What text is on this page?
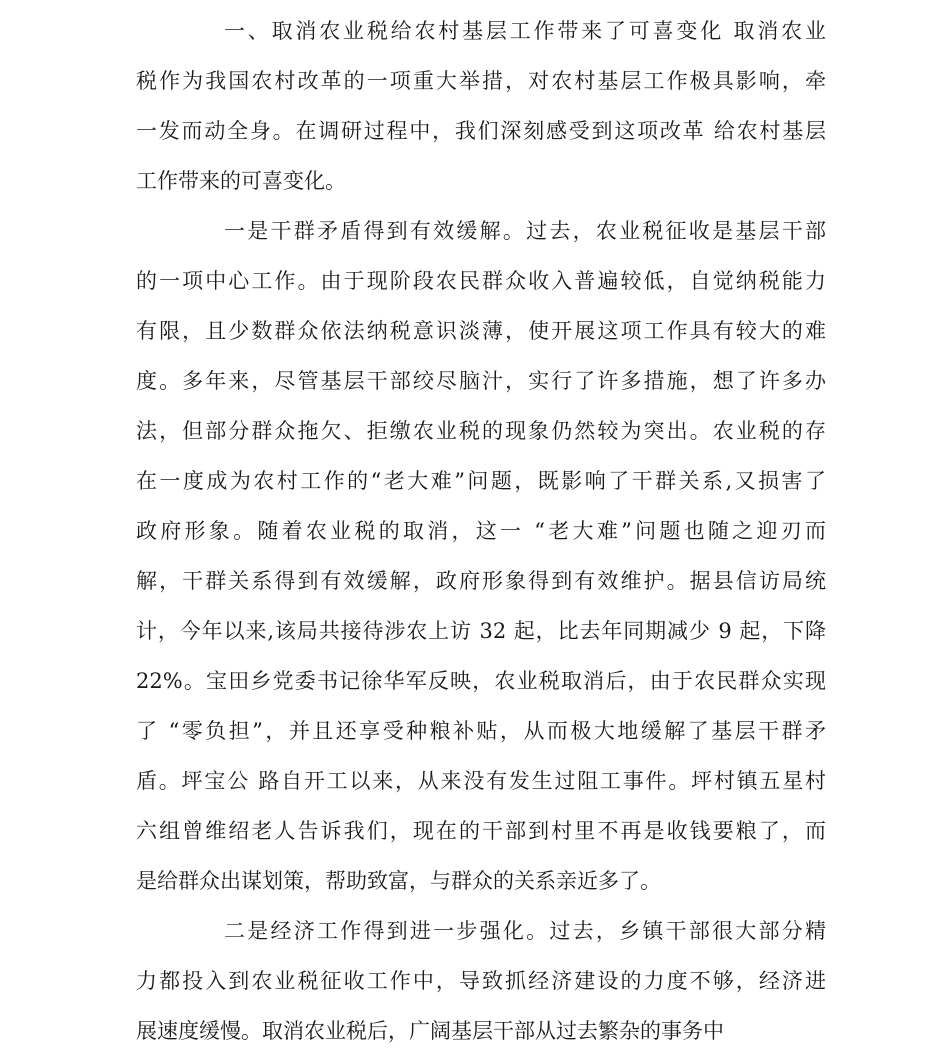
一、取消农业税给农村基层工作带来了可喜变化 取消农业
税作为我国农村改革的一项重大举措，对农村基层工作极具影响，牵
一发而动全身。在调研过程中，我们深刻感受到这项改革 给农村基层
工作带来的可喜变化。
一是干群矛盾得到有效缓解。过去，农业税征收是基层干部
的一项中心工作。由于现阶段农民群众收入普遍较低，自觉纳税能力
有限，且少数群众依法纳税意识淡薄，使开展这项工作具有较大的难
度。多年来，尽管基层干部绞尽脑汁，实行了许多措施，想了许多办
法，但部分群众拖欠、拒缴农业税的现象仍然较为突出。农业税的存
在一度成为农村工作的“老大难”问题，既影响了干群关系,又损害了
政府形象。随着农业税的取消，这一 “老大难”问题也随之迎刃而
解，干群关系得到有效缓解，政府形象得到有效维护。据县信访局统
计，今年以来,该局共接待涉农上访 32 起，比去年同期减少 9 起，下降
22%。宝田乡党委书记徐华军反映，农业税取消后，由于农民群众实现
了 “零负担”，并且还享受种粮补贴，从而极大地缓解了基层干群矛
盾。坪宝公 路自开工以来，从来没有发生过阻工事件。坪村镇五星村
六组曾维绍老人告诉我们，现在的干部到村里不再是收钱要粮了，而
是给群众出谋划策，帮助致富，与群众的关系亲近多了。
二是经济工作得到进一步强化。过去，乡镇干部很大部分精
力都投入到农业税征收工作中，导致抓经济建设的力度不够，经济进
展速度缓慢。取消农业税后，广阔基层干部从过去繁杂的事务中
